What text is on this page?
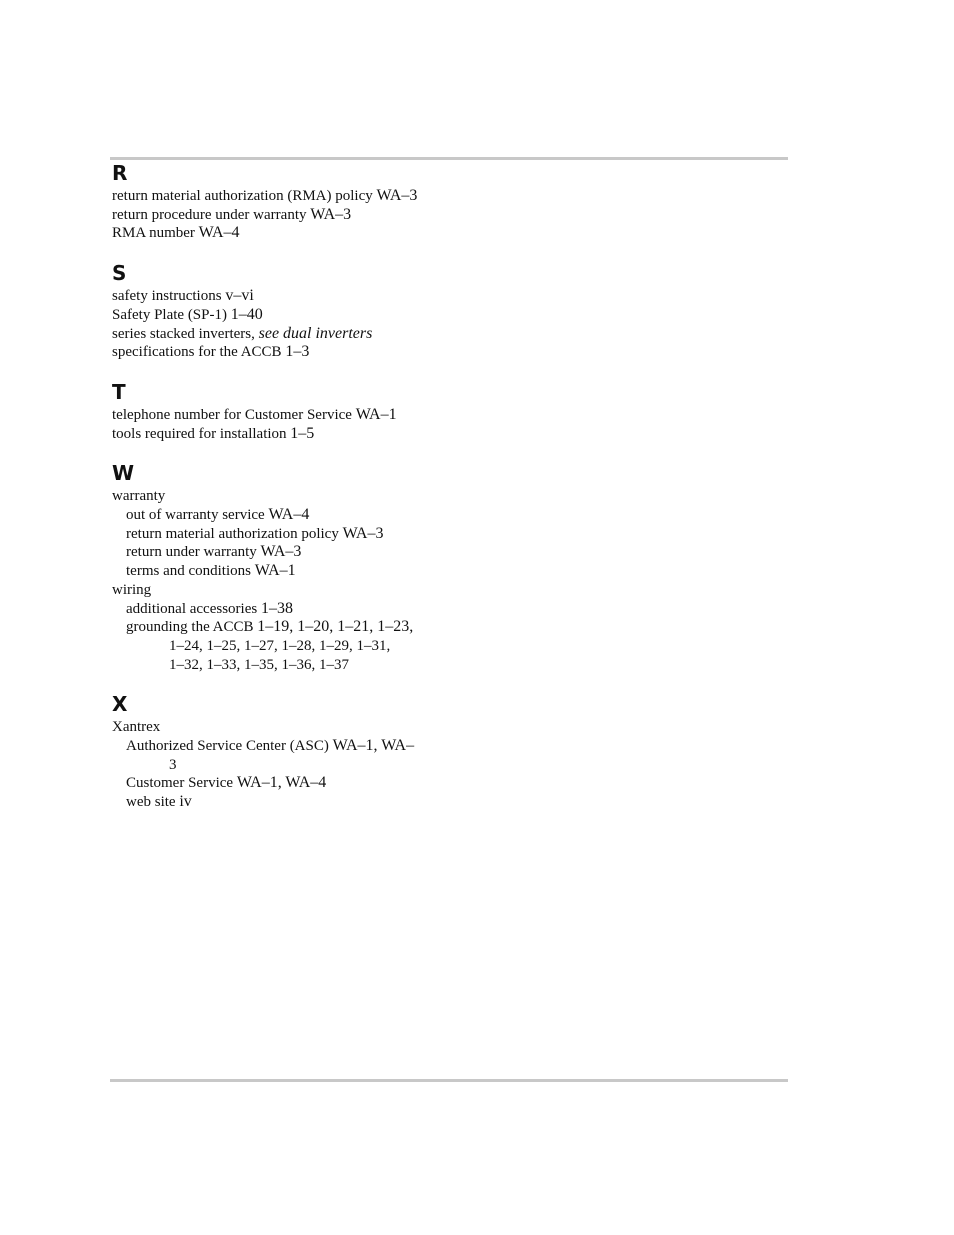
R
return material authorization (RMA) policy WA–3
return procedure under warranty WA–3
RMA number WA–4
S
safety instructions v–vi
Safety Plate (SP-1) 1–40
series stacked inverters, see dual inverters
specifications for the ACCB 1–3
T
telephone number for Customer Service WA–1
tools required for installation 1–5
W
warranty
out of warranty service WA–4
return material authorization policy WA–3
return under warranty WA–3
terms and conditions WA–1
wiring
additional accessories 1–38
grounding the ACCB 1–19, 1–20, 1–21, 1–23,
1–24, 1–25, 1–27, 1–28, 1–29, 1–31,
1–32, 1–33, 1–35, 1–36, 1–37
X
Xantrex
Authorized Service Center (ASC) WA–1, WA–
3
Customer Service WA–1, WA–4
web site iv
